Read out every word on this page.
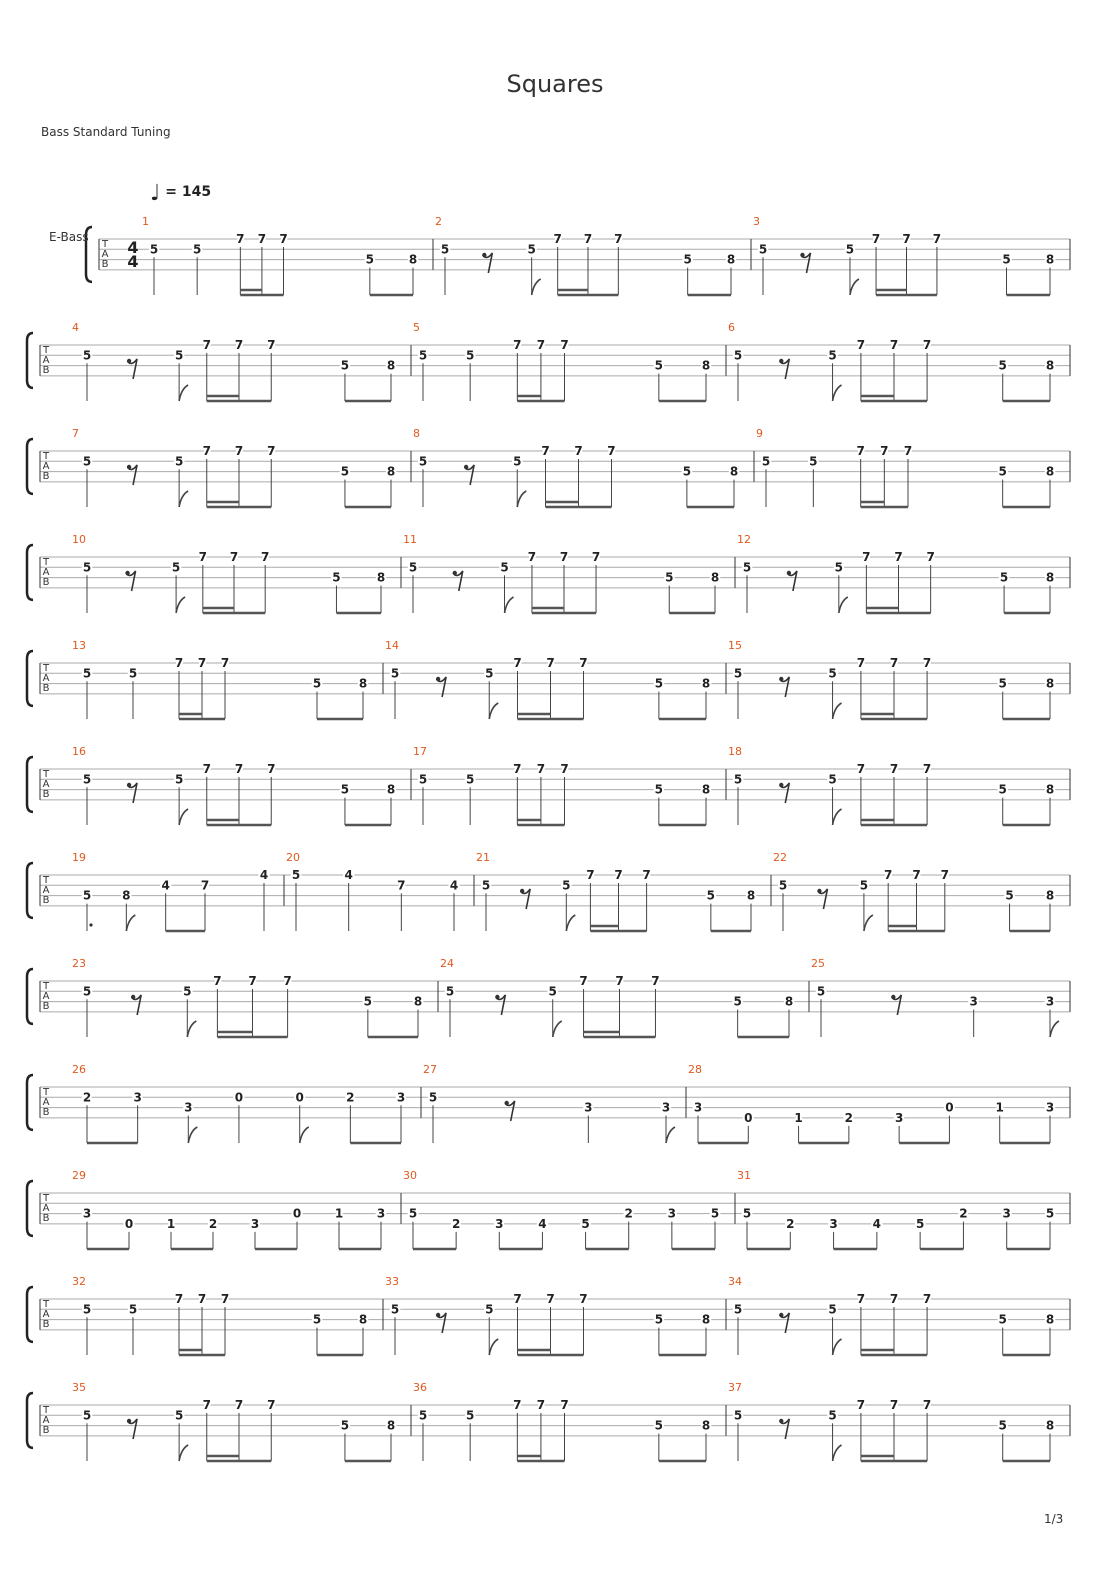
Squares
Bass Standard Tuning
♩ = 145
E-Bass
T
A
B
1
4
4
5	5
7 7 7
5	8
2
5	5
7 7 7
5	8
3
5	5
7 7 7
5	8
T
A
B
4
5	5
7 7 7
5	8
5
5	5
7 7 7
5	8
6
5	5
7 7 7
5	8
T
A
B
7
5	5
7 7 7
5	8
8
5	5
7 7 7
5	8
9
5	5
7 7 7
5	8
T
A
B
10
5	5
7 7 7
5	8
11
5	5
7 7 7
5	8
12
5	5
7 7 7
5	8
T
A
B
13
5	5
7 7 7
5	8
14
5	5
7 7 7
5	8
15
5	5
7 7 7
5	8
T
A
B
16
5	5
7 7 7
5	8
17
5	5
7 7 7
5	8
18
5	5
7 7 7
5	8
T
A
B
19
5	8
4	7
4
20
5	4
7	4
21
5	5
7 7 7
5	8
22
5	5
7 7 7
5	8
T
A
B
23
5	5
7 7 7
5	8
24
5	5
7 7 7
5	8
25
5
3	3
T
A
B
26
2	3
3
0	0	2	3
27
5
3	3
28
3
0	1	2	3
0	1	3
T
A
B
29
3
0	1	2	3
0	1	3
30
5
2	3	4	5
2	3	5
31
5
2	3	4	5
2	3	5
T
A
B
32
5	5
7 7 7
5	8
33
5	5
7 7 7
5	8
34
5	5
7 7 7
5	8
T
A
B
35
5	5
7 7 7
5	8
36
5	5
7 7 7
5	8
37
5	5
7 7 7
5	8
1/3
